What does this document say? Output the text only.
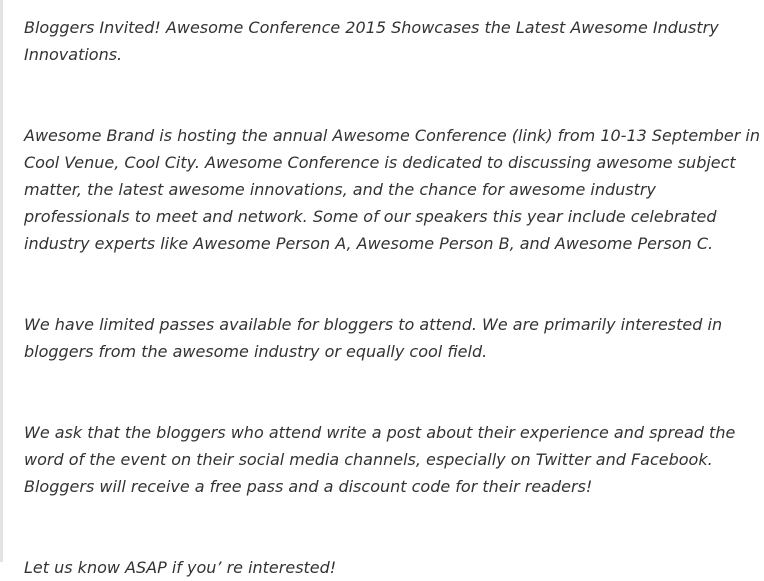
Bloggers Invited! Awesome Conference 2015 Showcases the Latest Awesome Industry Innovations.

Awesome Brand is hosting the annual Awesome Conference (link) from 10-13 September in Cool Venue, Cool City. Awesome Conference is dedicated to discussing awesome subject matter, the latest awesome innovations, and the chance for awesome industry professionals to meet and network. Some of our speakers this year include celebrated industry experts like Awesome Person A, Awesome Person B, and Awesome Person C.

We have limited passes available for bloggers to attend. We are primarily interested in bloggers from the awesome industry or equally cool field.

We ask that the bloggers who attend write a post about their experience and spread the word of the event on their social media channels, especially on Twitter and Facebook. Bloggers will receive a free pass and a discount code for their readers!

Let us know ASAP if you’ re interested!
